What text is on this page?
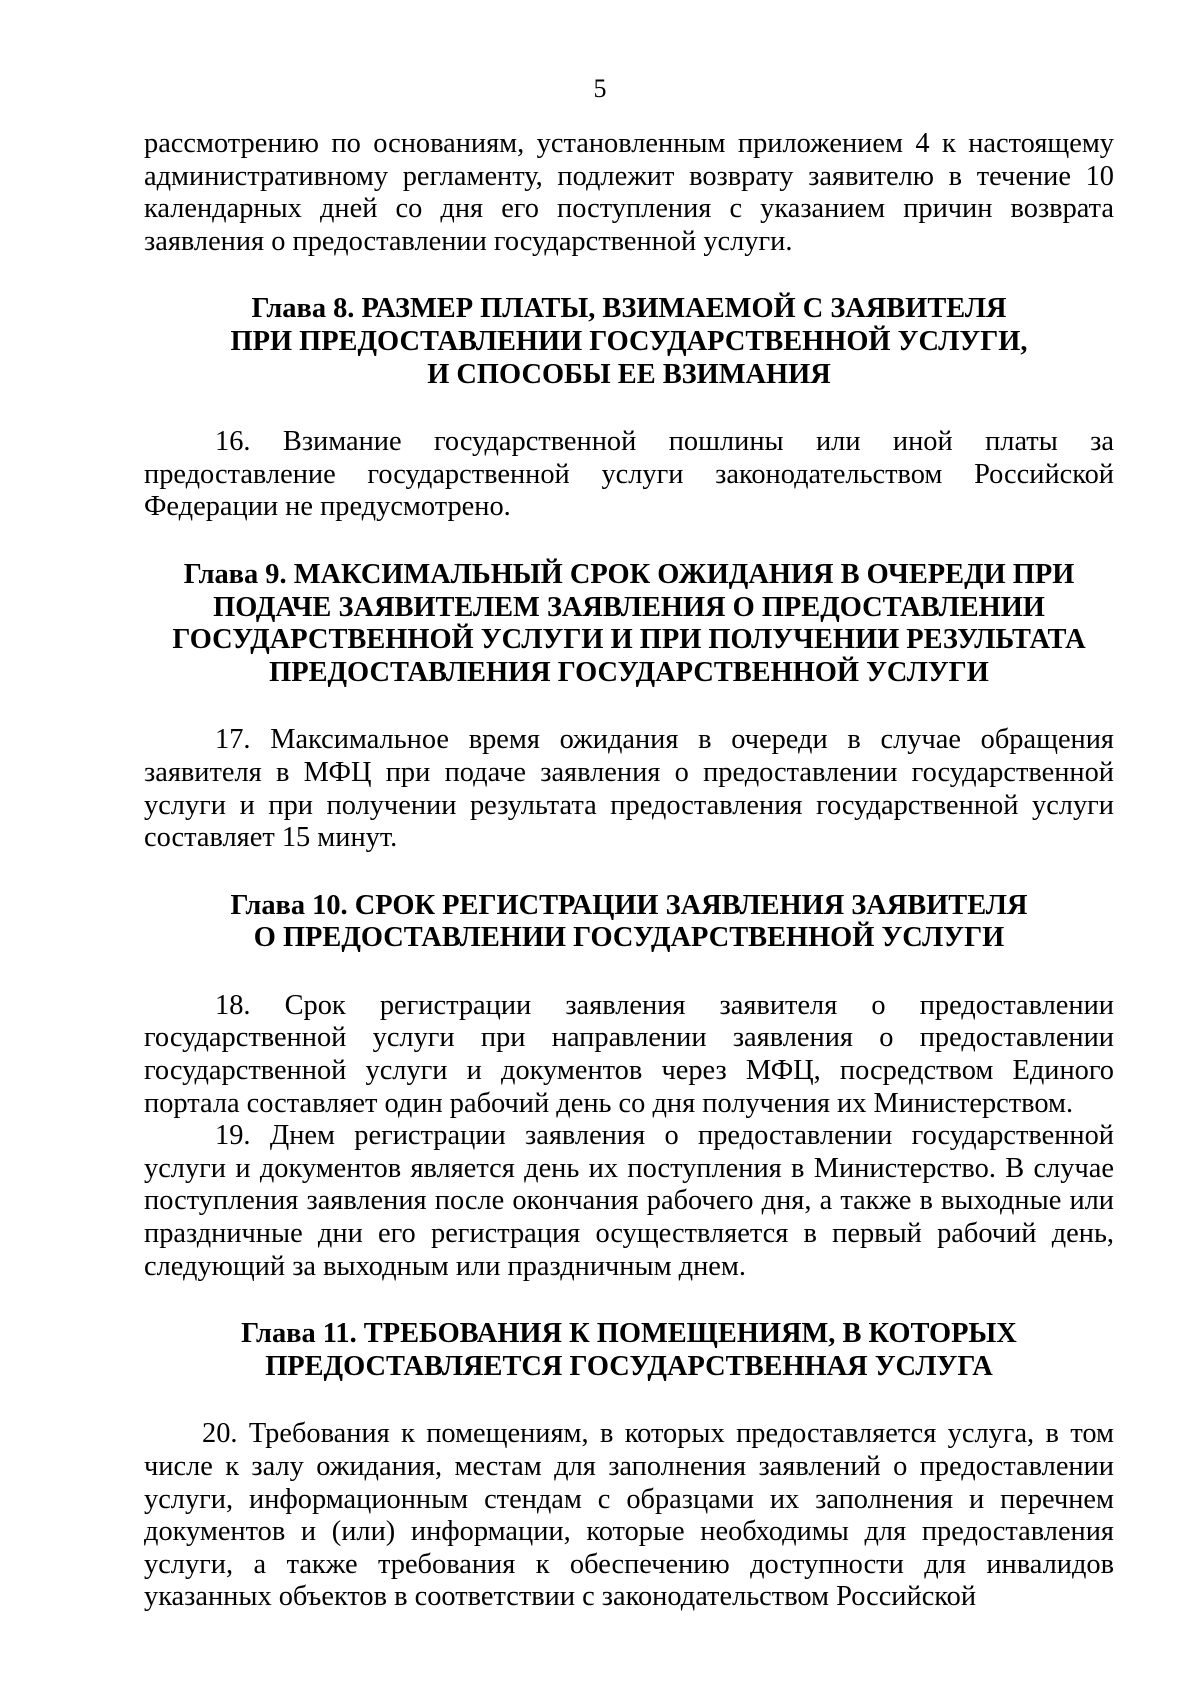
5

рассмотрению по основаниям, установленным приложением 4 к настоящему административному регламенту, подлежит возврату заявителю в течение 10 календарных дней со дня его поступления с указанием причин возврата заявления о предоставлении государственной услуги.

Глава 8. РАЗМЕР ПЛАТЫ, ВЗИМАЕМОЙ С ЗАЯВИТЕЛЯ
ПРИ ПРЕДОСТАВЛЕНИИ ГОСУДАРСТВЕННОЙ УСЛУГИ,
И СПОСОБЫ ЕЕ ВЗИМАНИЯ

16. Взимание государственной пошлины или иной платы за предоставление государственной услуги законодательством Российской Федерации не предусмотрено.

Глава 9. МАКСИМАЛЬНЫЙ СРОК ОЖИДАНИЯ В ОЧЕРЕДИ ПРИ
ПОДАЧЕ ЗАЯВИТЕЛЕМ ЗАЯВЛЕНИЯ О ПРЕДОСТАВЛЕНИИ
ГОСУДАРСТВЕННОЙ УСЛУГИ И ПРИ ПОЛУЧЕНИИ РЕЗУЛЬТАТА
ПРЕДОСТАВЛЕНИЯ ГОСУДАРСТВЕННОЙ УСЛУГИ

17. Максимальное время ожидания в очереди в случае обращения заявителя в МФЦ при подаче заявления о предоставлении государственной услуги и при получении результата предоставления государственной услуги составляет 15 минут.

Глава 10. СРОК РЕГИСТРАЦИИ ЗАЯВЛЕНИЯ ЗАЯВИТЕЛЯ
О ПРЕДОСТАВЛЕНИИ ГОСУДАРСТВЕННОЙ УСЛУГИ

18. Срок регистрации заявления заявителя о предоставлении государственной услуги при направлении заявления о предоставлении государственной услуги и документов через МФЦ, посредством Единого портала составляет один рабочий день со дня получения их Министерством.

19. Днем регистрации заявления о предоставлении государственной услуги и документов является день их поступления в Министерство. В случае поступления заявления после окончания рабочего дня, а также в выходные или праздничные дни его регистрация осуществляется в первый рабочий день, следующий за выходным или праздничным днем.

Глава 11. ТРЕБОВАНИЯ К ПОМЕЩЕНИЯМ, В КОТОРЫХ
ПРЕДОСТАВЛЯЕТСЯ ГОСУДАРСТВЕННАЯ УСЛУГА

20. Требования к помещениям, в которых предоставляется услуга, в том числе к залу ожидания, местам для заполнения заявлений о предоставлении услуги, информационным стендам с образцами их заполнения и перечнем документов и (или) информации, которые необходимы для предоставления услуги, а также требования к обеспечению доступности для инвалидов указанных объектов в соответствии с законодательством Российской
